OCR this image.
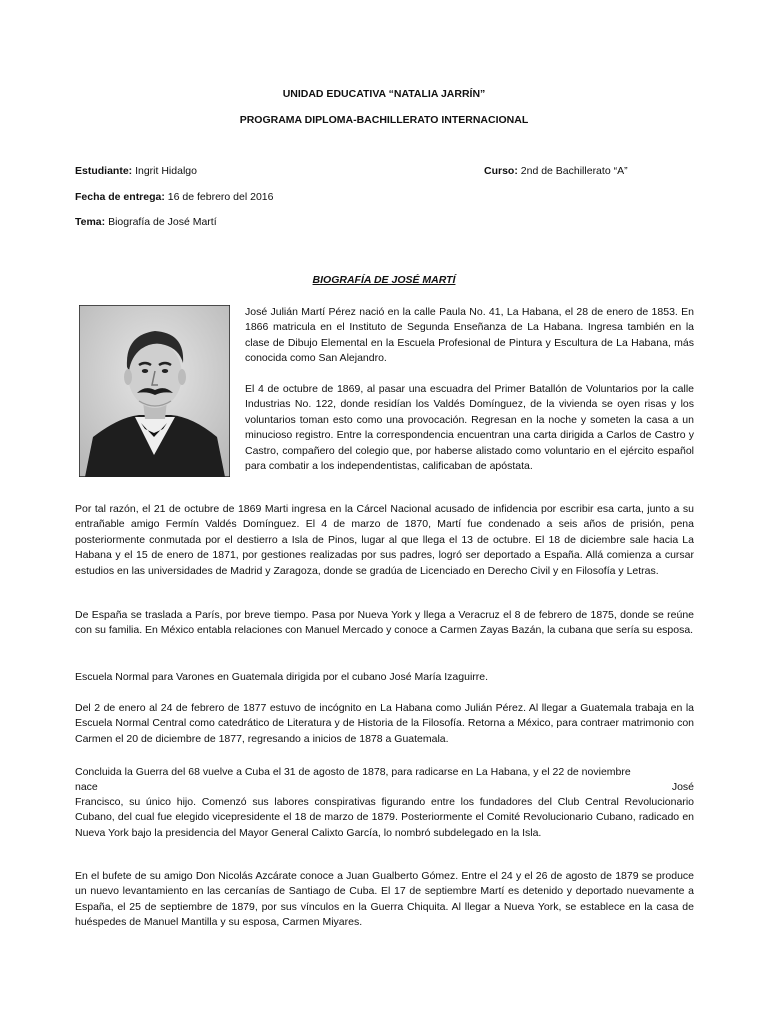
UNIDAD EDUCATIVA “NATALIA JARRÍN”
PROGRAMA DIPLOMA-BACHILLERATO INTERNACIONAL
Estudiante: Ingrit Hidalgo	Curso: 2nd de Bachillerato “A”
Fecha de entrega: 16 de febrero del 2016
Tema: Biografía de José Martí
BIOGRAFÍA DE JOSÉ MARTÍ

José Julián Martí Pérez nació en la calle Paula No. 41, La Habana, el 28 de enero de 1853. En 1866 matricula en el Instituto de Segunda Enseñanza de La Habana. Ingresa también en la clase de Dibujo Elemental en la Escuela Profesional de Pintura y Escultura de La Habana, más conocida como San Alejandro.

El 4 de octubre de 1869, al pasar una escuadra del Primer Batallón de Voluntarios por la calle Industrias No. 122, donde residían los Valdés Domínguez, de la vivienda se oyen risas y los voluntarios toman esto como una provocación. Regresan en la noche y someten la casa a un minucioso registro. Entre la correspondencia encuentran una carta dirigida a Carlos de Castro y Castro, compañero del colegio que, por haberse alistado como voluntario en el ejército español para combatir a los independentistas, calificaban de apóstata.

Por tal razón, el 21 de octubre de 1869 Marti ingresa en la Cárcel Nacional acusado de infidencia por escribir esa carta, junto a su entrañable amigo Fermín Valdés Domínguez. El 4 de marzo de 1870, Martí fue condenado a seis años de prisión, pena posteriormente conmutada por el destierro a Isla de Pinos, lugar al que llega el 13 de octubre. El 18 de diciembre sale hacia La Habana y el 15 de enero de 1871, por gestiones realizadas por sus padres, logró ser deportado a España. Allá comienza a cursar estudios en las universidades de Madrid y Zaragoza, donde se gradúa de Licenciado en Derecho Civil y en Filosofía y Letras.

De España se traslada a París, por breve tiempo. Pasa por Nueva York y llega a Veracruz el 8 de febrero de 1875, donde se reúne con su familia. En México entabla relaciones con Manuel Mercado y conoce a Carmen Zayas Bazán, la cubana que sería su esposa.

Escuela Normal para Varones en Guatemala dirigida por el cubano José María Izaguirre.

Del 2 de enero al 24 de febrero de 1877 estuvo de incógnito en La Habana como Julián Pérez. Al llegar a Guatemala trabaja en la Escuela Normal Central como catedrático de Literatura y de Historia de la Filosofía. Retorna a México, para contraer matrimonio con Carmen el 20 de diciembre de 1877, regresando a inicios de 1878 a Guatemala.

Concluida la Guerra del 68 vuelve a Cuba el 31 de agosto de 1878, para radicarse en La Habana, y el 22 de noviembre
nace	José

Francisco, su único hijo. Comenzó sus labores conspirativas figurando entre los fundadores del Club Central Revolucionario Cubano, del cual fue elegido vicepresidente el 18 de marzo de 1879. Posteriormente el Comité Revolucionario Cubano, radicado en Nueva York bajo la presidencia del Mayor General Calixto García, lo nombró subdelegado en la Isla.

En el bufete de su amigo Don Nicolás Azcárate conoce a Juan Gualberto Gómez. Entre el 24 y el 26 de agosto de 1879 se produce un nuevo levantamiento en las cercanías de Santiago de Cuba. El 17 de septiembre Martí es detenido y deportado nuevamente a España, el 25 de septiembre de 1879, por sus vínculos en la Guerra Chiquita. Al llegar a Nueva York, se establece en la casa de huéspedes de Manuel Mantilla y su esposa, Carmen Miyares.
